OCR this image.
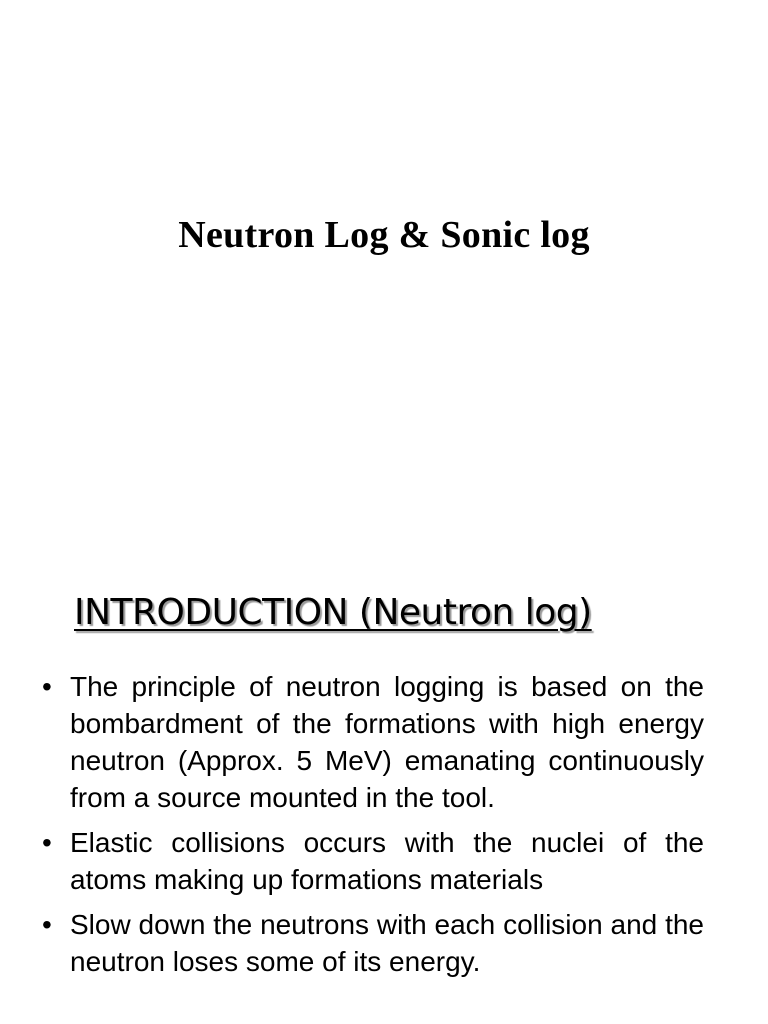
Neutron Log & Sonic log
INTRODUCTION (Neutron log)
• The principle of neutron logging is based on the bombardment of the formations with high energy neutron (Approx. 5 MeV) emanating continuously from a source mounted in the tool.
• Elastic collisions occurs with the nuclei of the atoms making up formations materials
• Slow down the neutrons with each collision and the neutron loses some of its energy.
